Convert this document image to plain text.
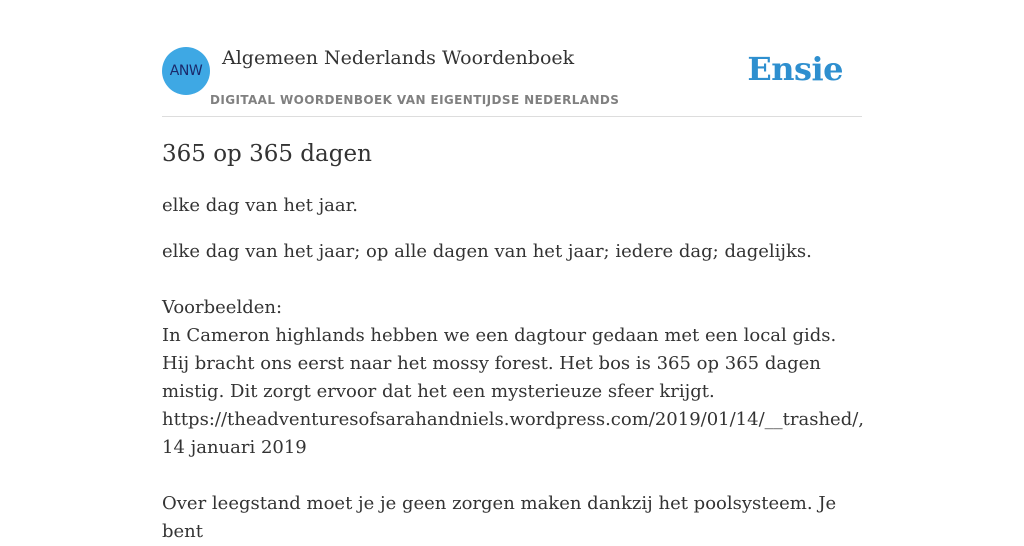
ANW
Algemeen Nederlands Woordenboek
DIGITAAL WOORDENBOEK VAN EIGENTIJDSE NEDERLANDS
Ensie
365 op 365 dagen

elke dag van het jaar.

elke dag van het jaar; op alle dagen van het jaar; iedere dag; dagelijks.
Voorbeelden:
In Cameron highlands hebben we een dagtour gedaan met een local gids. Hij bracht ons eerst naar het mossy forest. Het bos is 365 op 365 dagen mistig. Dit zorgt ervoor dat het een mysterieuze sfeer krijgt. https://theadventuresofsarahandniels.wordpress.com/2019/01/14/__trashed/, 14 januari 2019
Over leegstand moet je je geen zorgen maken dankzij het poolsysteem. Je bent
